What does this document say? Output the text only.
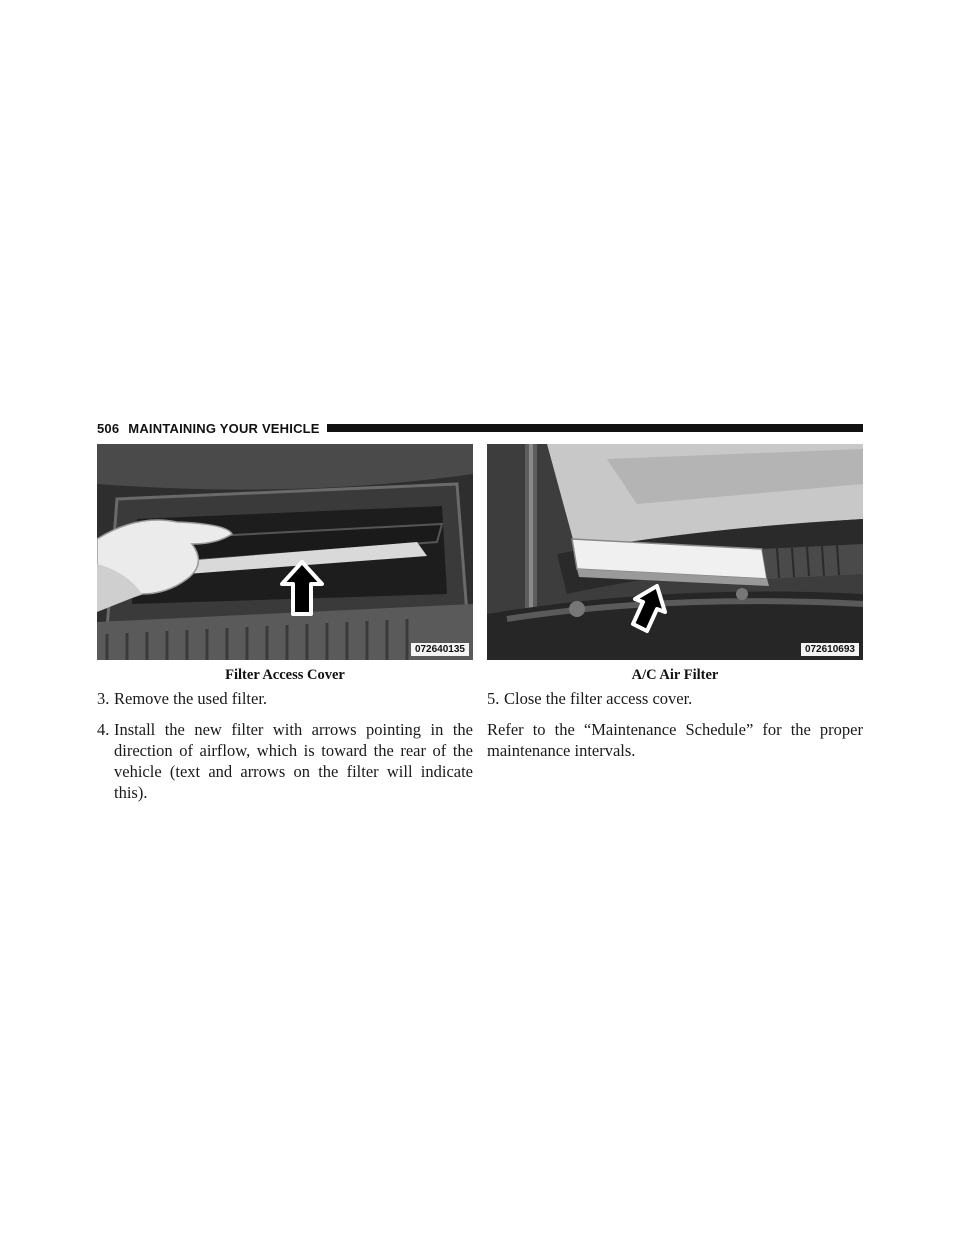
506 MAINTAINING YOUR VEHICLE
072640135	072610693
Filter Access Cover	A/C Air Filter
3. Remove the used filter.
4. Install the new filter with arrows pointing in the direction of airflow, which is toward the rear of the vehicle (text and arrows on the filter will indicate this).
5. Close the filter access cover.

Refer to the “Maintenance Schedule” for the proper maintenance intervals.
